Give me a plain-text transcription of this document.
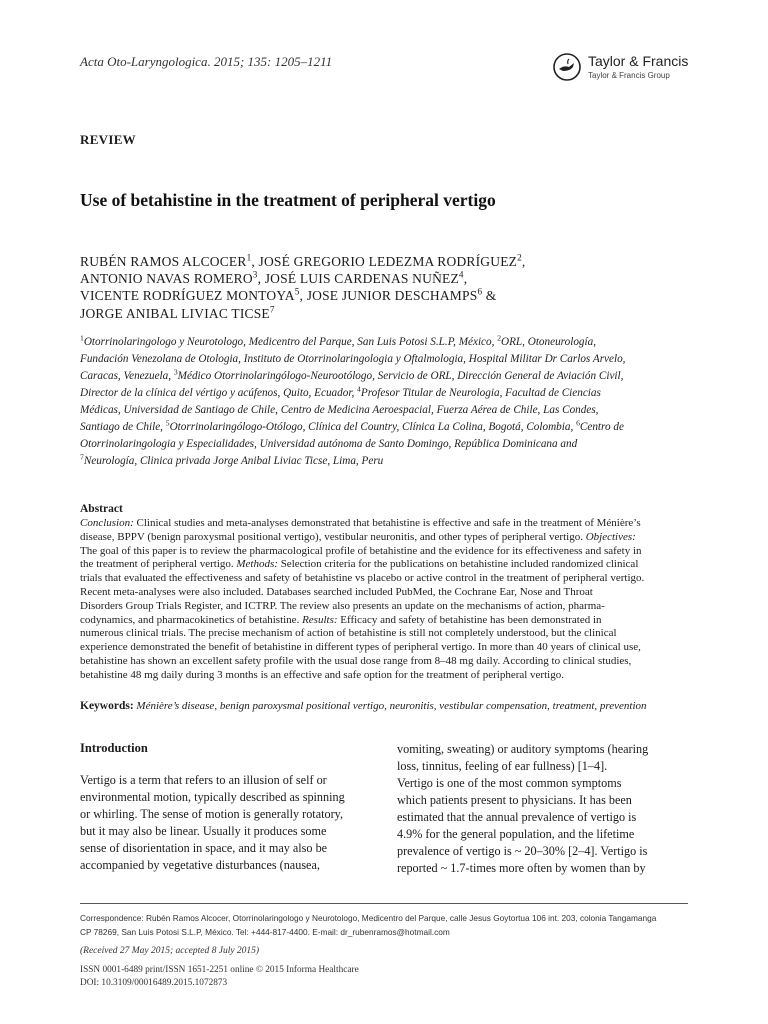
Acta Oto-Laryngologica. 2015; 135: 1205–1211	Taylor & Francis
Taylor & Francis Group
REVIEW
Use of betahistine in the treatment of peripheral vertigo
RUBÉN RAMOS ALCOCER$^1$, JOSÉ GREGORIO LEDEZMA RODRÍGUEZ$^2$,
ANTONIO NAVAS ROMERO$^3$, JOSÉ LUIS CARDENAS NUÑEZ$^4$,
VICENTE RODRÍGUEZ MONTOYA$^5$, JOSE JUNIOR DESCHAMPS$^6$ &
JORGE ANIBAL LIVIAC TICSE$^7$
$^1$Otorrinolaringologo y Neurotologo, Medicentro del Parque, San Luis Potosi S.L.P, México, $^2$ORL, Otoneurología,
Fundación Venezolana de Otologia, Instituto de Otorrinolaringologia y Oftalmologia, Hospital Militar Dr Carlos Arvelo,
Caracas, Venezuela, $^3$Médico Otorrinolaringólogo-Neurootólogo, Servicio de ORL, Dirección General de Aviación Civil,
Director de la clínica del vértigo y acúfenos, Quito, Ecuador, $^4$Profesor Titular de Neurologia, Facultad de Ciencias
Médicas, Universidad de Santiago de Chile, Centro de Medicina Aeroespacial, Fuerza Aérea de Chile, Las Condes,
Santiago de Chile, $^5$Otorrinolaringólogo-Otólogo, Clínica del Country, Clínica La Colina, Bogotá, Colombia, $^6$Centro de
Otorrinolaringologia y Especialidades, Universidad autónoma de Santo Domingo, República Dominicana and
$^7$Neurología, Clinica privada Jorge Anibal Liviac Ticse, Lima, Peru
Abstract
Conclusion: Clinical studies and meta-analyses demonstrated that betahistine is effective and safe in the treatment of Ménière’s
disease, BPPV (benign paroxysmal positional vertigo), vestibular neuronitis, and other types of peripheral vertigo. Objectives:
The goal of this paper is to review the pharmacological profile of betahistine and the evidence for its effectiveness and safety in
the treatment of peripheral vertigo. Methods: Selection criteria for the publications on betahistine included randomized clinical
trials that evaluated the effectiveness and safety of betahistine vs placebo or active control in the treatment of peripheral vertigo.
Recent meta-analyses were also included. Databases searched included PubMed, the Cochrane Ear, Nose and Throat
Disorders Group Trials Register, and ICTRP. The review also presents an update on the mechanisms of action, pharma-
codynamics, and pharmacokinetics of betahistine. Results: Efficacy and safety of betahistine has been demonstrated in
numerous clinical trials. The precise mechanism of action of betahistine is still not completely understood, but the clinical
experience demonstrated the benefit of betahistine in different types of peripheral vertigo. In more than 40 years of clinical use,
betahistine has shown an excellent safety profile with the usual dose range from 8–48 mg daily. According to clinical studies,
betahistine 48 mg daily during 3 months is an effective and safe option for the treatment of peripheral vertigo.
Keywords: Ménière’s disease, benign paroxysmal positional vertigo, neuronitis, vestibular compensation, treatment, prevention
Introduction
Vertigo is a term that refers to an illusion of self or
environmental motion, typically described as spinning
or whirling. The sense of motion is generally rotatory,
but it may also be linear. Usually it produces some
sense of disorientation in space, and it may also be
accompanied by vegetative disturbances (nausea,
vomiting, sweating) or auditory symptoms (hearing
loss, tinnitus, feeling of ear fullness) [1–4].
Vertigo is one of the most common symptoms
which patients present to physicians. It has been
estimated that the annual prevalence of vertigo is
4.9% for the general population, and the lifetime
prevalence of vertigo is ~ 20–30% [2–4]. Vertigo is
reported ~ 1.7-times more often by women than by
Correspondence: Rubén Ramos Alcocer, Otorrinolaringologo y Neurotologo, Medicentro del Parque, calle Jesus Goytortua 106 int. 203, colonia Tangamanga
CP 78269, San Luis Potosi S.L.P, México. Tel: +444-817-4400. E-mail: dr_rubenramos@hotmail.com
(Received 27 May 2015; accepted 8 July 2015)
ISSN 0001-6489 print/ISSN 1651-2251 online © 2015 Informa Healthcare
DOI: 10.3109/00016489.2015.1072873
